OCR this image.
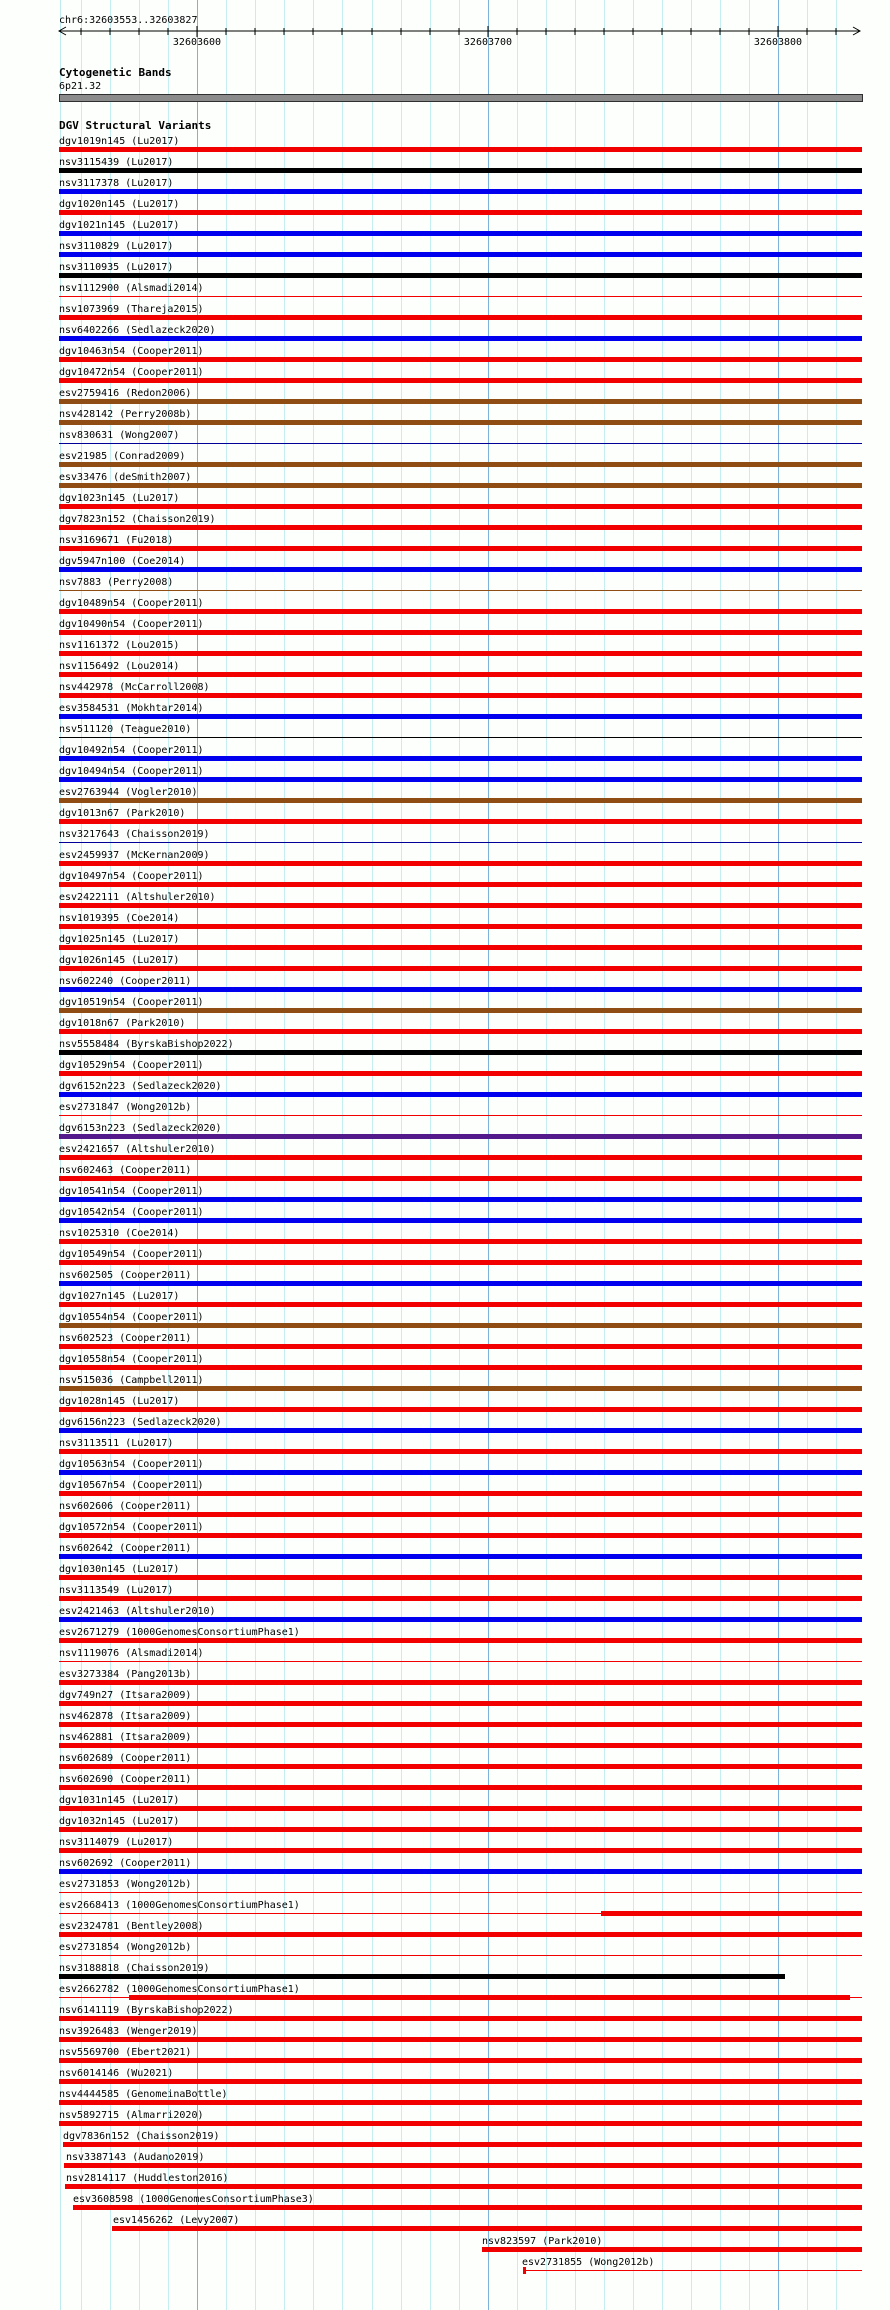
chr6:32603553..32603827
32603600	32603700	32603800
Cytogenetic Bands
6p21.32
DGV Structural Variants
dgv1019n145 (Lu2017)
nsv3115439 (Lu2017)
nsv3117378 (Lu2017)
dgv1020n145 (Lu2017)
dgv1021n145 (Lu2017)
nsv3110829 (Lu2017)
nsv3110935 (Lu2017)
nsv1112900 (Alsmadi2014)
nsv1073969 (Thareja2015)
nsv6402266 (Sedlazeck2020)
dgv10463n54 (Cooper2011)
dgv10472n54 (Cooper2011)
esv2759416 (Redon2006)
nsv428142 (Perry2008b)
nsv830631 (Wong2007)
esv21985 (Conrad2009)
esv33476 (deSmith2007)
dgv1023n145 (Lu2017)
dgv7823n152 (Chaisson2019)
nsv3169671 (Fu2018)
dgv5947n100 (Coe2014)
nsv7883 (Perry2008)
dgv10489n54 (Cooper2011)
dgv10490n54 (Cooper2011)
nsv1161372 (Lou2015)
nsv1156492 (Lou2014)
nsv442978 (McCarroll2008)
esv3584531 (Mokhtar2014)
nsv511120 (Teague2010)
dgv10492n54 (Cooper2011)
dgv10494n54 (Cooper2011)
esv2763944 (Vogler2010)
dgv1013n67 (Park2010)
nsv3217643 (Chaisson2019)
esv2459937 (McKernan2009)
dgv10497n54 (Cooper2011)
esv2422111 (Altshuler2010)
nsv1019395 (Coe2014)
dgv1025n145 (Lu2017)
dgv1026n145 (Lu2017)
nsv602240 (Cooper2011)
dgv10519n54 (Cooper2011)
dgv1018n67 (Park2010)
nsv5558484 (ByrskaBishop2022)
dgv10529n54 (Cooper2011)
dgv6152n223 (Sedlazeck2020)
esv2731847 (Wong2012b)
dgv6153n223 (Sedlazeck2020)
esv2421657 (Altshuler2010)
nsv602463 (Cooper2011)
dgv10541n54 (Cooper2011)
dgv10542n54 (Cooper2011)
nsv1025310 (Coe2014)
dgv10549n54 (Cooper2011)
nsv602505 (Cooper2011)
dgv1027n145 (Lu2017)
dgv10554n54 (Cooper2011)
nsv602523 (Cooper2011)
dgv10558n54 (Cooper2011)
nsv515036 (Campbell2011)
dgv1028n145 (Lu2017)
dgv6156n223 (Sedlazeck2020)
nsv3113511 (Lu2017)
dgv10563n54 (Cooper2011)
dgv10567n54 (Cooper2011)
nsv602606 (Cooper2011)
dgv10572n54 (Cooper2011)
nsv602642 (Cooper2011)
dgv1030n145 (Lu2017)
nsv3113549 (Lu2017)
esv2421463 (Altshuler2010)
esv2671279 (1000GenomesConsortiumPhase1)
nsv1119076 (Alsmadi2014)
esv3273384 (Pang2013b)
dgv749n27 (Itsara2009)
nsv462878 (Itsara2009)
nsv462881 (Itsara2009)
nsv602689 (Cooper2011)
nsv602690 (Cooper2011)
dgv1031n145 (Lu2017)
dgv1032n145 (Lu2017)
nsv3114079 (Lu2017)
nsv602692 (Cooper2011)
esv2731853 (Wong2012b)
esv2668413 (1000GenomesConsortiumPhase1)
esv2324781 (Bentley2008)
esv2731854 (Wong2012b)
nsv3188818 (Chaisson2019)
esv2662782 (1000GenomesConsortiumPhase1)
nsv6141119 (ByrskaBishop2022)
nsv3926483 (Wenger2019)
nsv5569700 (Ebert2021)
nsv6014146 (Wu2021)
nsv4444585 (GenomeinaBottle)
nsv5892715 (Almarri2020)
dgv7836n152 (Chaisson2019)
nsv3387143 (Audano2019)
nsv2814117 (Huddleston2016)
esv3608598 (1000GenomesConsortiumPhase3)
esv1456262 (Levy2007)
nsv823597 (Park2010)
esv2731855 (Wong2012b)
